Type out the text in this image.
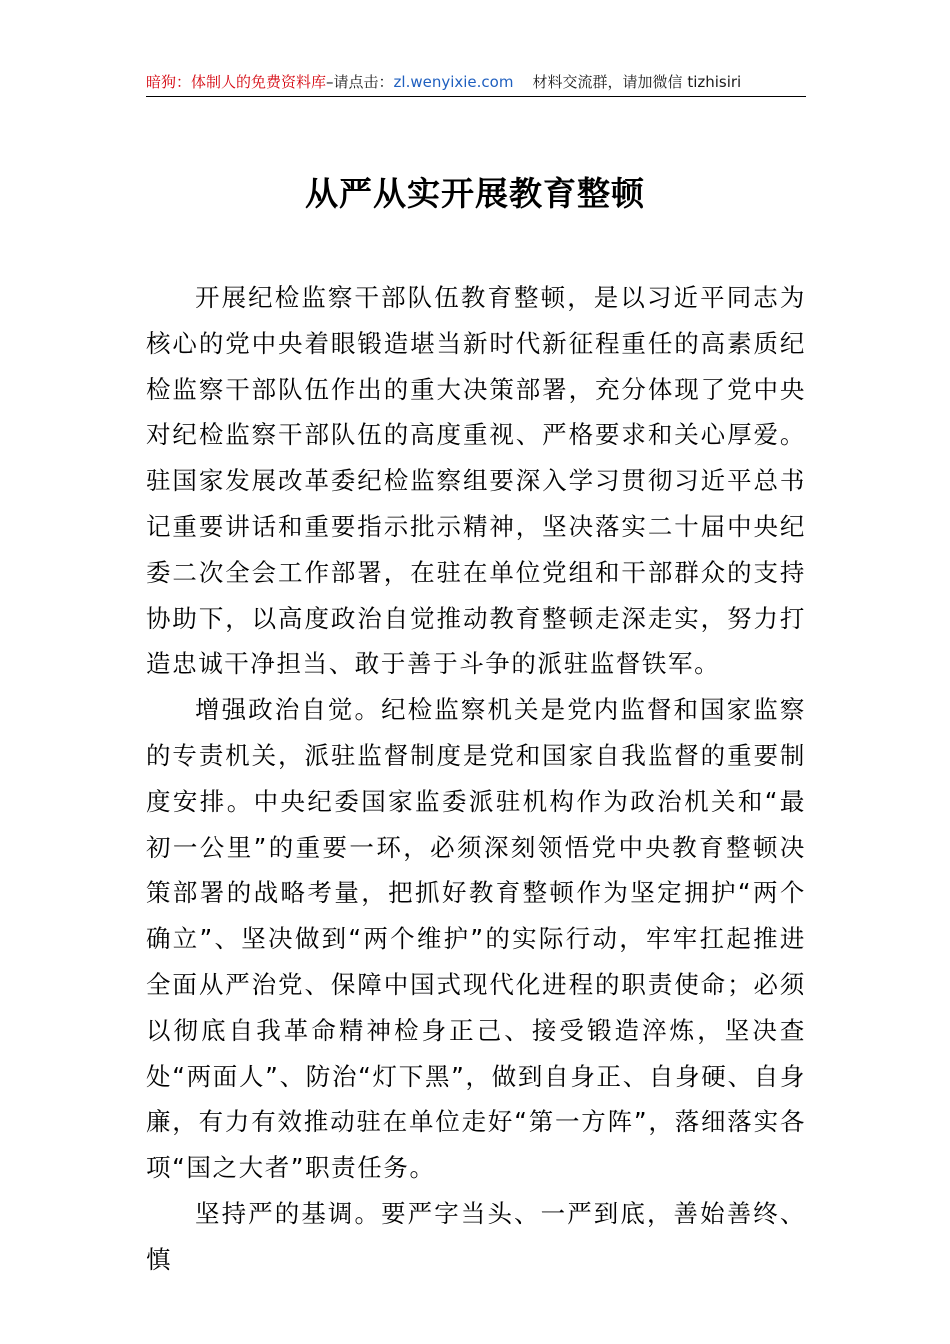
暗狗：体制人的免费资料库–请点击：zl.wenyixie.com 材料交流群，请加微信 tizhisiri
从严从实开展教育整顿

开展纪检监察干部队伍教育整顿，是以习近平同志为核心的党中央着眼锻造堪当新时代新征程重任的高素质纪检监察干部队伍作出的重大决策部署，充分体现了党中央对纪检监察干部队伍的高度重视、严格要求和关心厚爱。驻国家发展改革委纪检监察组要深入学习贯彻习近平总书记重要讲话和重要指示批示精神，坚决落实二十届中央纪委二次全会工作部署，在驻在单位党组和干部群众的支持协助下，以高度政治自觉推动教育整顿走深走实，努力打造忠诚干净担当、敢于善于斗争的派驻监督铁军。

增强政治自觉。纪检监察机关是党内监督和国家监察的专责机关，派驻监督制度是党和国家自我监督的重要制度安排。中央纪委国家监委派驻机构作为政治机关和“最初一公里”的重要一环，必须深刻领悟党中央教育整顿决策部署的战略考量，把抓好教育整顿作为坚定拥护“两个确立”、坚决做到“两个维护”的实际行动，牢牢扛起推进全面从严治党、保障中国式现代化进程的职责使命；必须以彻底自我革命精神检身正己、接受锻造淬炼，坚决查处“两面人”、防治“灯下黑”，做到自身正、自身硬、自身廉，有力有效推动驻在单位走好“第一方阵”，落细落实各项“国之大者”职责任务。

坚持严的基调。要严字当头、一严到底，善始善终、慎
